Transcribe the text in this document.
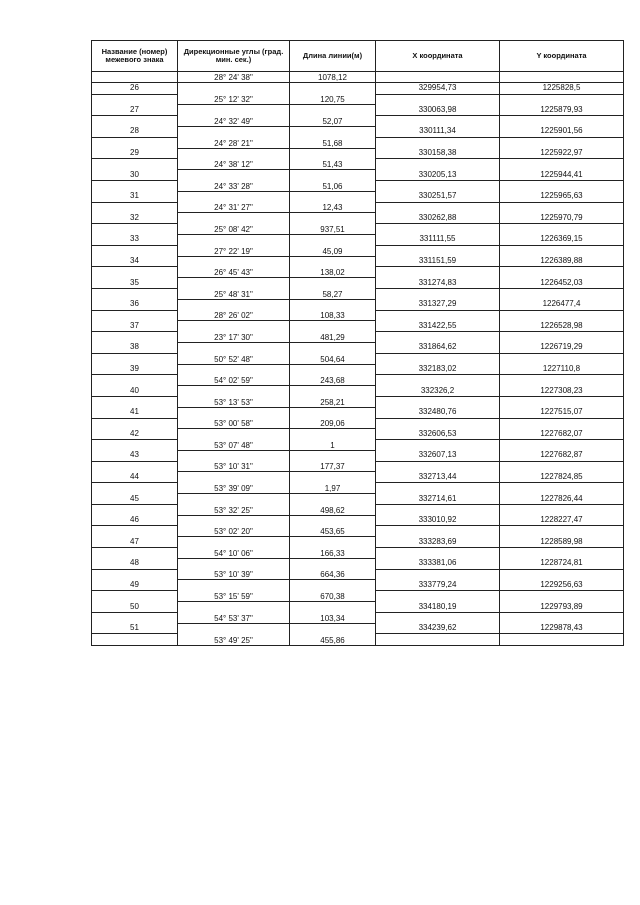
Название (номер) межевого знака	Дирекционные углы (град. мин. сек.)	Длина линии(м)	X координата	Y координата
	28° 24' 38"	1078,12		
26			329954,73	1225828,5
	25° 12' 32"	120,75		
27			330063,98	1225879,93
	24° 32' 49"	52,07		
28			330111,34	1225901,56
	24° 28' 21"	51,68		
29			330158,38	1225922,97
	24° 38' 12"	51,43		
30			330205,13	1225944,41
	24° 33' 28"	51,06		
31			330251,57	1225965,63
	24° 31' 27"	12,43		
32			330262,88	1225970,79
	25° 08' 42"	937,51		
33			331111,55	1226369,15
	27° 22' 19"	45,09		
34			331151,59	1226389,88
	26° 45' 43"	138,02		
35			331274,83	1226452,03
	25° 48' 31"	58,27		
36			331327,29	1226477,4
	28° 26' 02"	108,33		
37			331422,55	1226528,98
	23° 17' 30"	481,29		
38			331864,62	1226719,29
	50° 52' 48"	504,64		
39			332183,02	1227110,8
	54° 02' 59"	243,68		
40			332326,2	1227308,23
	53° 13' 53"	258,21		
41			332480,76	1227515,07
	53° 00' 58"	209,06		
42			332606,53	1227682,07
	53° 07' 48"	1		
43			332607,13	1227682,87
	53° 10' 31"	177,37		
44			332713,44	1227824,85
	53° 39' 09"	1,97		
45			332714,61	1227826,44
	53° 32' 25"	498,62		
46			333010,92	1228227,47
	53° 02' 20"	453,65		
47			333283,69	1228589,98
	54° 10' 06"	166,33		
48			333381,06	1228724,81
	53° 10' 39"	664,36		
49			333779,24	1229256,63
	53° 15' 59"	670,38		
50			334180,19	1229793,89
	54° 53' 37"	103,34		
51			334239,62	1229878,43
	53° 49' 25"	455,86		
